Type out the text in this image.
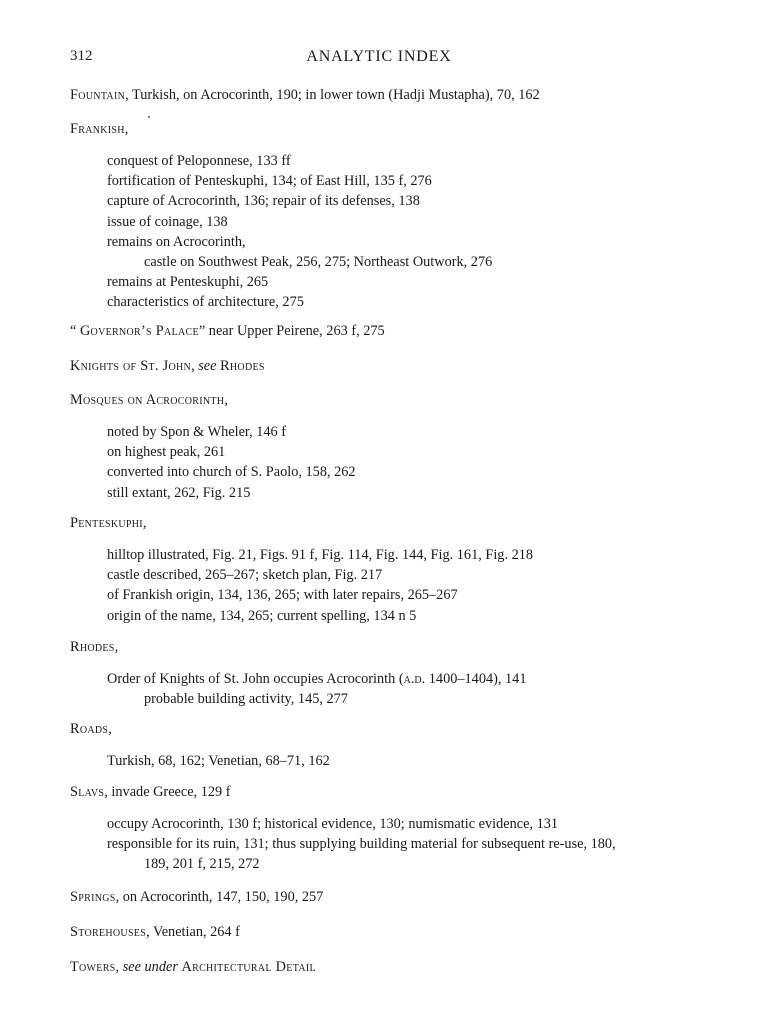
312	ANALYTIC INDEX
Fountain, Turkish, on Acrocorinth, 190; in lower town (Hadji Mustapha), 70, 162
Frankish,
conquest of Peloponnese, 133 ff
fortification of Penteskuphi, 134; of East Hill, 135 f, 276
capture of Acrocorinth, 136; repair of its defenses, 138
issue of coinage, 138
remains on Acrocorinth,
castle on Southwest Peak, 256, 275; Northeast Outwork, 276
remains at Penteskuphi, 265
characteristics of architecture, 275
“ Governor’s Palace” near Upper Peirene, 263 f, 275
Knights of St. John, see Rhodes
Mosques on Acrocorinth,
noted by Spon & Wheler, 146 f
on highest peak, 261
converted into church of S. Paolo, 158, 262
still extant, 262, Fig. 215
Penteskuphi,
hilltop illustrated, Fig. 21, Figs. 91 f, Fig. 114, Fig. 144, Fig. 161, Fig. 218
castle described, 265–267; sketch plan, Fig. 217
of Frankish origin, 134, 136, 265; with later repairs, 265–267
origin of the name, 134, 265; current spelling, 134 n 5
Rhodes,
Order of Knights of St. John occupies Acrocorinth (a.d. 1400–1404), 141
probable building activity, 145, 277
Roads,
Turkish, 68, 162; Venetian, 68–71, 162
Slavs, invade Greece, 129 f
occupy Acrocorinth, 130 f; historical evidence, 130; numismatic evidence, 131
responsible for its ruin, 131; thus supplying building material for subsequent re-use, 180,
189, 201 f, 215, 272
Springs, on Acrocorinth, 147, 150, 190, 257
Storehouses, Venetian, 264 f
Towers, see under Architectural Detail
